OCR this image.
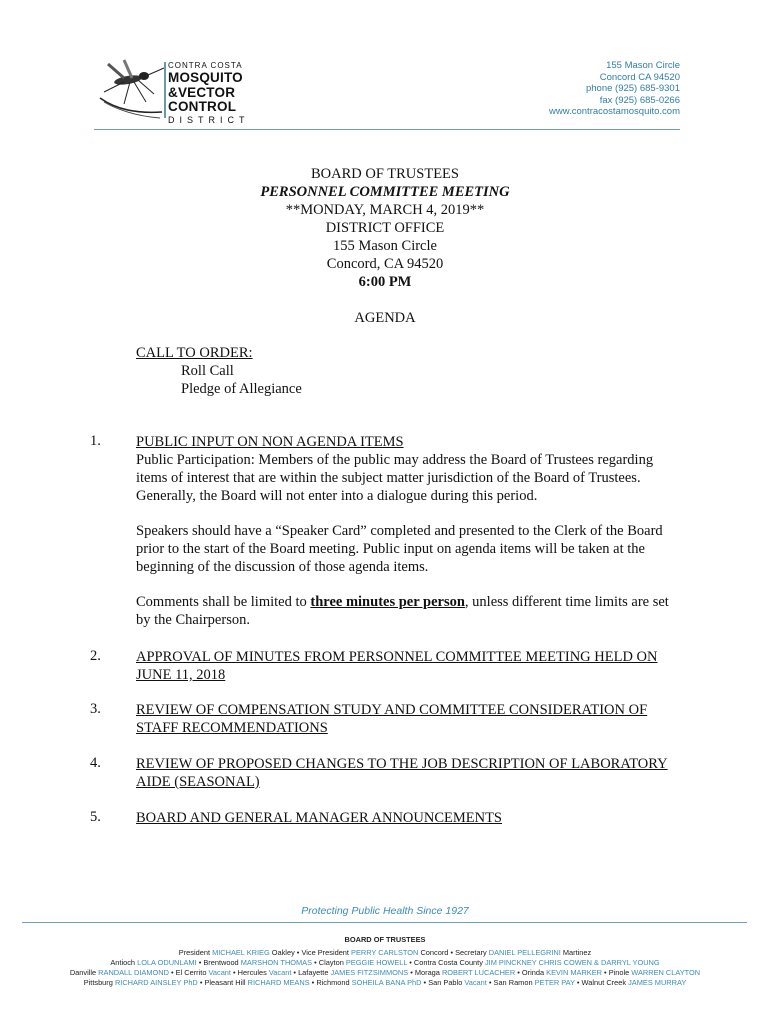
CONTRA COSTA
MOSQUITO
&VECTOR
CONTROL
DISTRICT
155 Mason Circle
Concord CA 94520
phone (925) 685-9301
fax (925) 685-0266
www.contracostamosquito.com
BOARD OF TRUSTEES
PERSONNEL COMMITTEE MEETING
**MONDAY, MARCH 4, 2019**
DISTRICT OFFICE
155 Mason Circle
Concord, CA 94520
6:00 PM
AGENDA
CALL TO ORDER:
Roll Call
Pledge of Allegiance
1. PUBLIC INPUT ON NON AGENDA ITEMS
Public Participation: Members of the public may address the Board of Trustees regarding items of interest that are within the subject matter jurisdiction of the Board of Trustees. Generally, the Board will not enter into a dialogue during this period.
Speakers should have a “Speaker Card” completed and presented to the Clerk of the Board prior to the start of the Board meeting. Public input on agenda items will be taken at the beginning of the discussion of those agenda items.
Comments shall be limited to three minutes per person, unless different time limits are set by the Chairperson.
2. APPROVAL OF MINUTES FROM PERSONNEL COMMITTEE MEETING HELD ON JUNE 11, 2018
3. REVIEW OF COMPENSATION STUDY AND COMMITTEE CONSIDERATION OF STAFF RECOMMENDATIONS
4. REVIEW OF PROPOSED CHANGES TO THE JOB DESCRIPTION OF LABORATORY AIDE (SEASONAL)
5. BOARD AND GENERAL MANAGER ANNOUNCEMENTS
Protecting Public Health Since 1927
BOARD OF TRUSTEES
President MICHAEL KRIEG Oakley • Vice President PERRY CARLSTON Concord • Secretary DANIEL PELLEGRINI Martinez
Antioch LOLA ODUNLAMI • Brentwood MARSHON THOMAS • Clayton PEGGIE HOWELL • Contra Costa County JIM PINCKNEY CHRIS COWEN & DARRYL YOUNG
Danville RANDALL DIAMOND • El Cerrito Vacant • Hercules Vacant • Lafayette JAMES FITZSIMMONS • Moraga ROBERT LUCACHER • Orinda KEVIN MARKER • Pinole WARREN CLAYTON
Pittsburg RICHARD AINSLEY PhD • Pleasant Hill RICHARD MEANS • Richmond SOHEILA BANA PhD • San Pablo Vacant • San Ramon PETER PAY • Walnut Creek JAMES MURRAY
